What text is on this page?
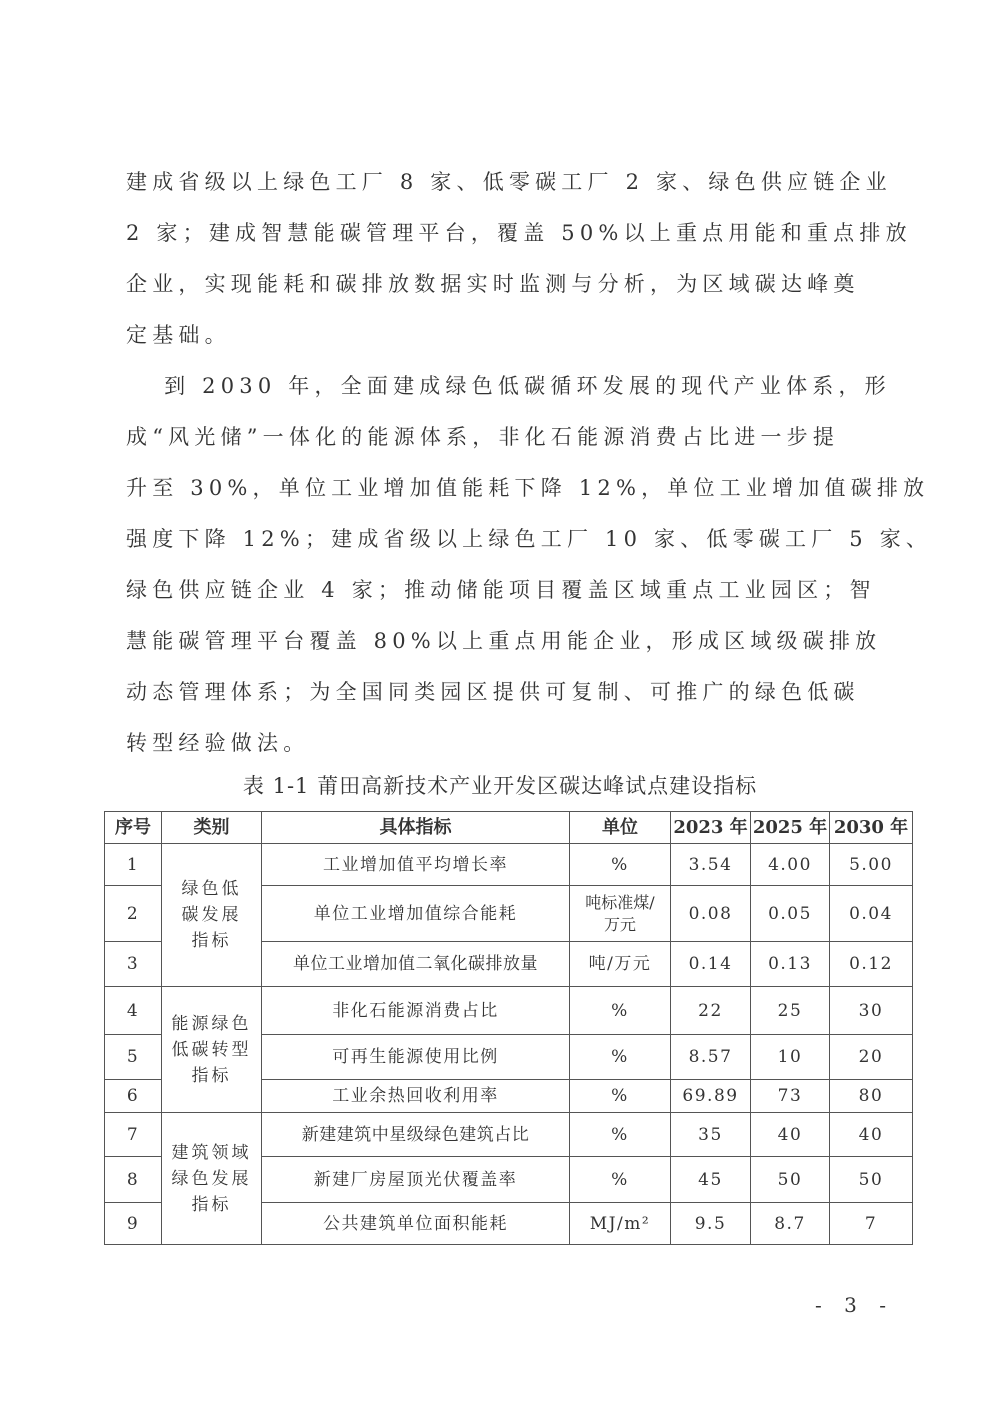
建成省级以上绿色工厂 8 家、低零碳工厂 2 家、绿色供应链企业
2 家；建成智慧能碳管理平台，覆盖 50%以上重点用能和重点排放
企业，实现能耗和碳排放数据实时监测与分析，为区域碳达峰奠
定基础。
　 到 2030 年，全面建成绿色低碳循环发展的现代产业体系，形
成“风光储”一体化的能源体系，非化石能源消费占比进一步提
升至 30%，单位工业增加值能耗下降 12%，单位工业增加值碳排放
强度下降 12%；建成省级以上绿色工厂 10 家、低零碳工厂 5 家、
绿色供应链企业 4 家；推动储能项目覆盖区域重点工业园区；智
慧能碳管理平台覆盖 80%以上重点用能企业，形成区域级碳排放
动态管理体系；为全国同类园区提供可复制、可推广的绿色低碳
转型经验做法。
表 1-1 莆田高新技术产业开发区碳达峰试点建设指标
序号	类别	具体指标	单位	2023 年	2025 年	2030 年
1	绿色低碳发展指标	工业增加值平均增长率	%	3.54	4.00	5.00
2		单位工业增加值综合能耗	吨标准煤/万元	0.08	0.05	0.04
3		单位工业增加值二氧化碳排放量	吨/万元	0.14	0.13	0.12
4	能源绿色低碳转型指标	非化石能源消费占比	%	22	25	30
5		可再生能源使用比例	%	8.57	10	20
6		工业余热回收利用率	%	69.89	73	80
7	建筑领域绿色发展指标	新建建筑中星级绿色建筑占比	%	35	40	40
8		新建厂房屋顶光伏覆盖率	%	45	50	50
9		公共建筑单位面积能耗	MJ/m²	9.5	8.7	7
- 3 -
